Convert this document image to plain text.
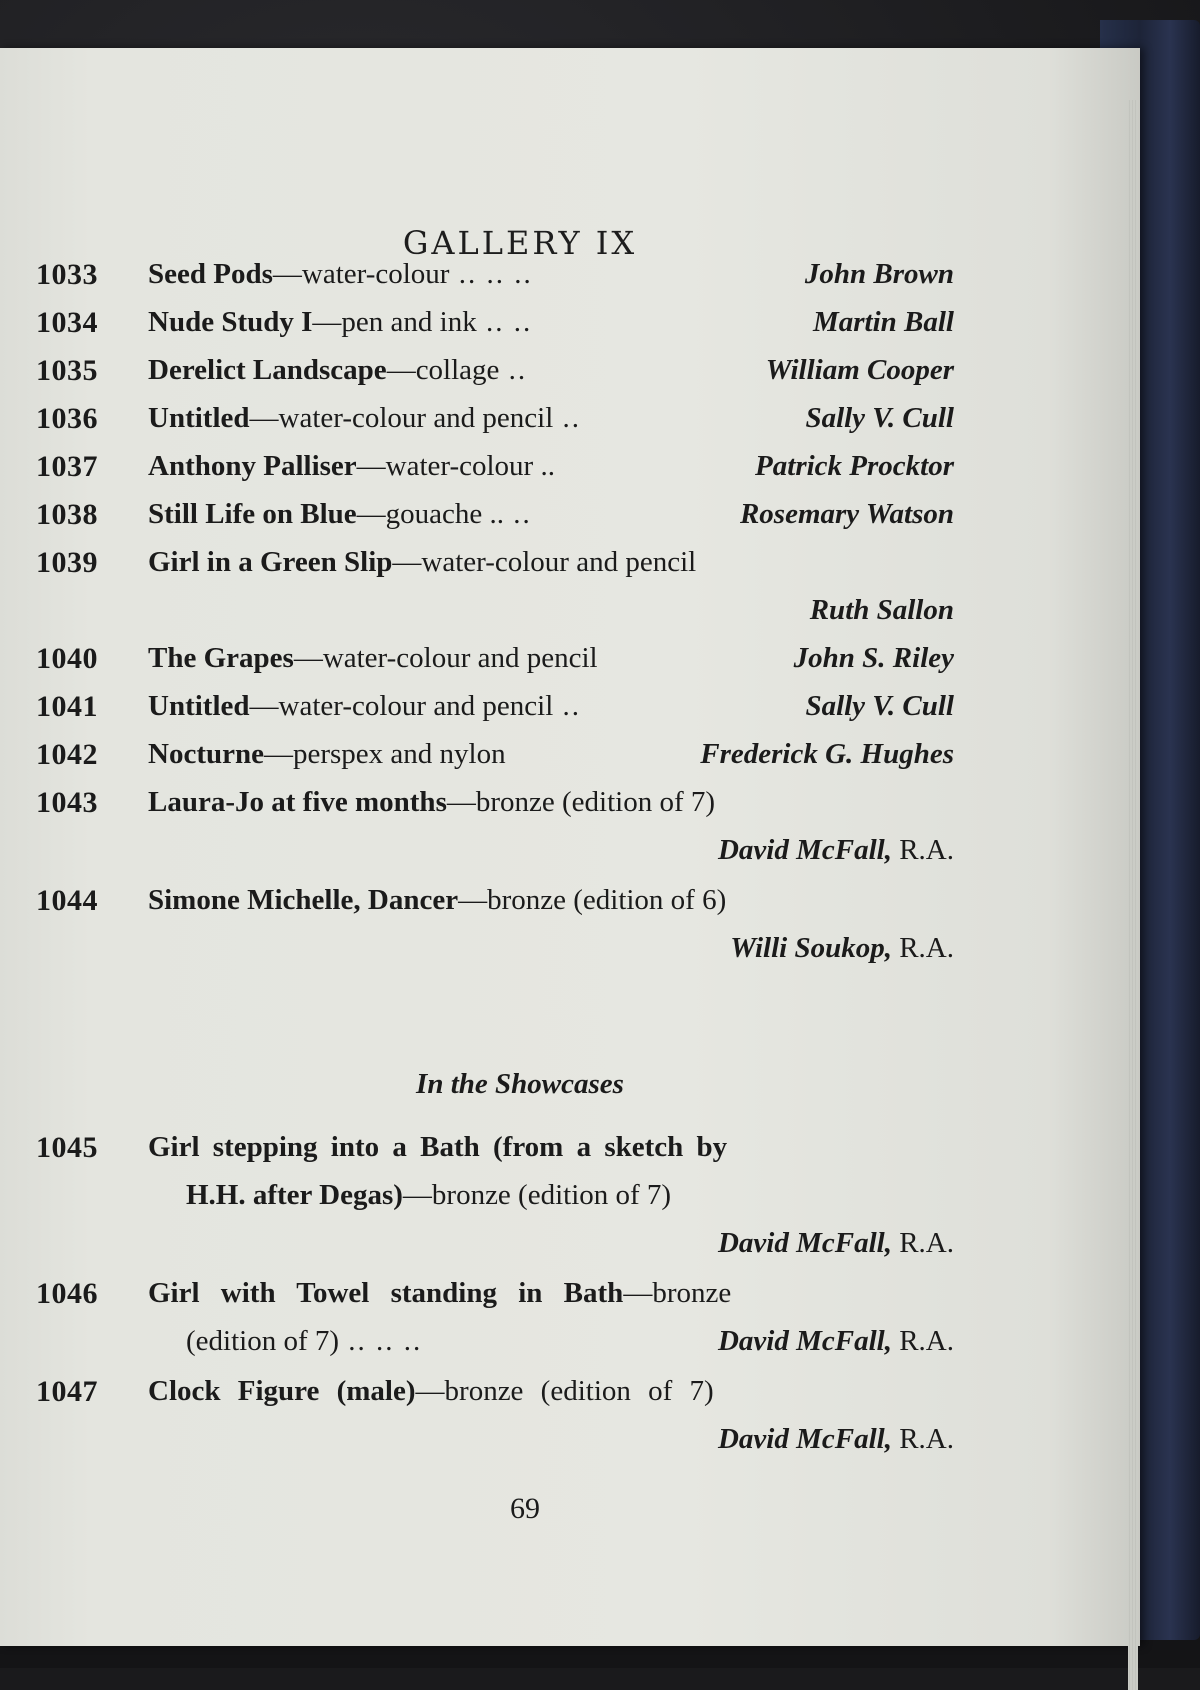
GALLERY IX
1033 Seed Pods—water-colour .. .. ..	John Brown
1034 Nude Study I—pen and ink .. ..	Martin Ball
1035 Derelict Landscape—collage ..	William Cooper
1036 Untitled—water-colour and pencil ..	Sally V. Cull
1037 Anthony Palliser—water-colour ..	Patrick Procktor
1038 Still Life on Blue—gouache .. ..	Rosemary Watson
1039 Girl in a Green Slip—water-colour and pencil
Ruth Sallon
1040 The Grapes—water-colour and pencil	John S. Riley
1041 Untitled—water-colour and pencil ..	Sally V. Cull
1042 Nocturne—perspex and nylon	Frederick G. Hughes
1043 Laura-Jo at five months—bronze (edition of 7)
David McFall, R.A.
1044 Simone Michelle, Dancer—bronze (edition of 6)
Willi Soukop, R.A.
In the Showcases
1045 Girl stepping into a Bath (from a sketch by
H.H. after Degas)—bronze (edition of 7)
David McFall, R.A.
1046 Girl with Towel standing in Bath—bronze
(edition of 7) .. .. ..	David McFall, R.A.
1047 Clock Figure (male)—bronze (edition of 7)
David McFall, R.A.
69
